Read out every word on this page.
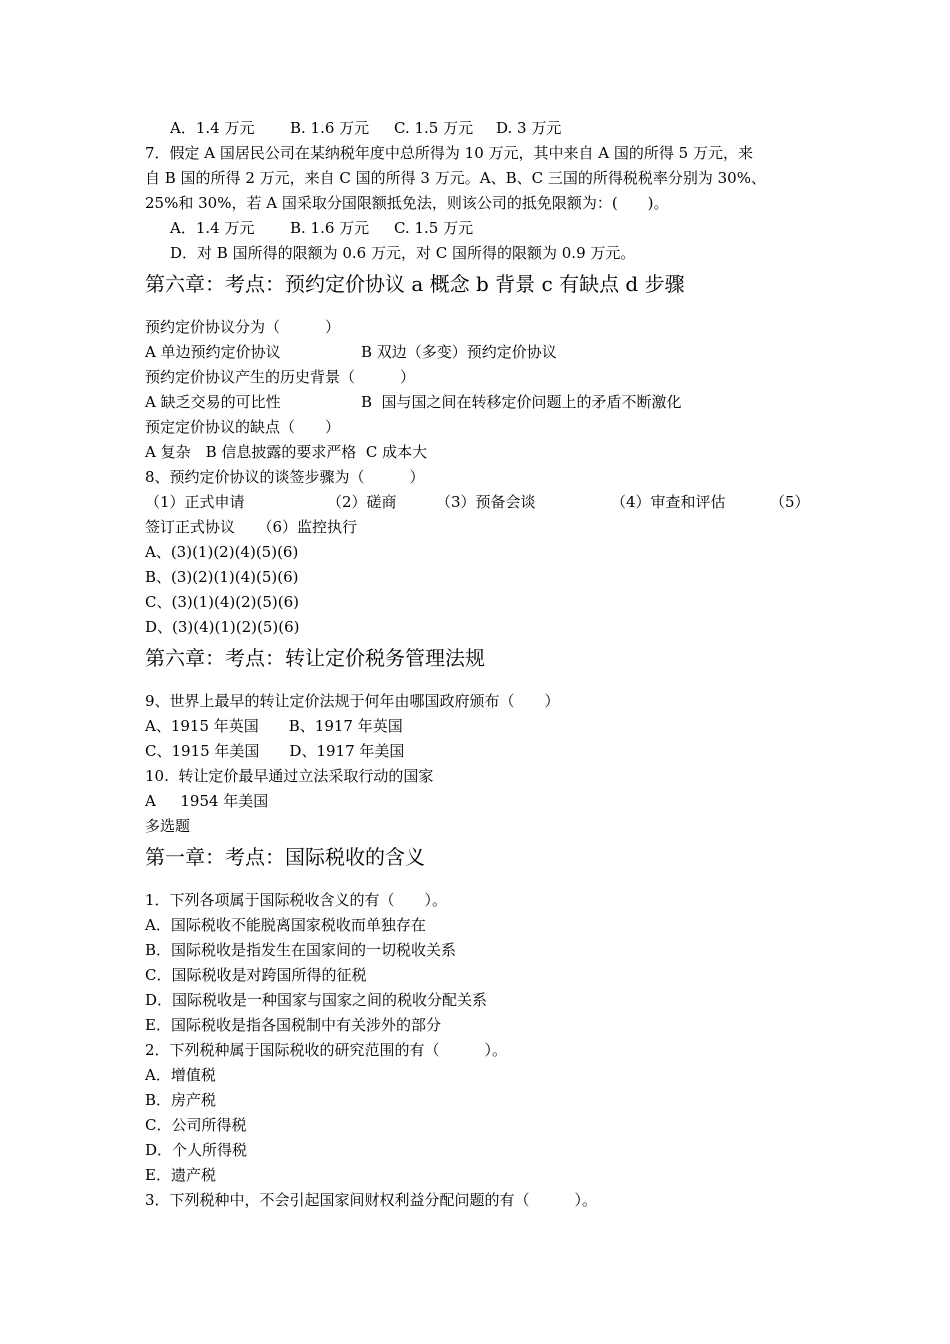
A．1.4 万元 B. 1.6 万元 C. 1.5 万元 D. 3 万元

7．假定 A 国居民公司在某纳税年度中总所得为 10 万元，其中来自 A 国的所得 5 万元，来

自 B 国的所得 2 万元，来自 C 国的所得 3 万元。A、B、C 三国的所得税税率分别为 30%、

25%和 30%，若 A 国采取分国限额抵免法，则该公司的抵免限额为：(　　)。

A．1.4 万元 B. 1.6 万元 C. 1.5 万元

D．对 B 国所得的限额为 0.6 万元，对 C 国所得的限额为 0.9 万元。

第六章：考点：预约定价协议 a 概念 b 背景 c 有缺点 d 步骤

预约定价协议分为（　　　）

A 单边预约定价协议	B 双边（多变）预约定价协议

预约定价协议产生的历史背景（　　　）

A 缺乏交易的可比性	B  国与国之间在转移定价问题上的矛盾不断激化

预定定价协议的缺点（　　）

A 复杂　B 信息披露的要求严格  C 成本大

8、预约定价协议的谈签步骤为（　　　）

（1）正式申请	（2）磋商	（3）预备会谈	（4）审查和评估	（5）

签订正式协议　　（6）监控执行

A、(3)(1)(2)(4)(5)(6)

B、(3)(2)(1)(4)(5)(6)

C、(3)(1)(4)(2)(5)(6)

D、(3)(4)(1)(2)(5)(6)

第六章：考点：转让定价税务管理法规

9、世界上最早的转让定价法规于何年由哪国政府颁布（　　）

A、1915 年英国　　B、1917 年英国

C、1915 年美国　　D、1917 年美国

10.  转让定价最早通过立法采取行动的国家

A　  1954 年美国

多选题

第一章：考点：国际税收的含义

1．下列各项属于国际税收含义的有（　　）。

A．国际税收不能脱离国家税收而单独存在

B．国际税收是指发生在国家间的一切税收关系

C．国际税收是对跨国所得的征税

D．国际税收是一种国家与国家之间的税收分配关系

E．国际税收是指各国税制中有关涉外的部分

2．下列税种属于国际税收的研究范围的有（　　　）。

A．增值税

B．房产税

C．公司所得税

D．个人所得税

E．遗产税

3．下列税种中，不会引起国家间财权利益分配问题的有（　　　）。
